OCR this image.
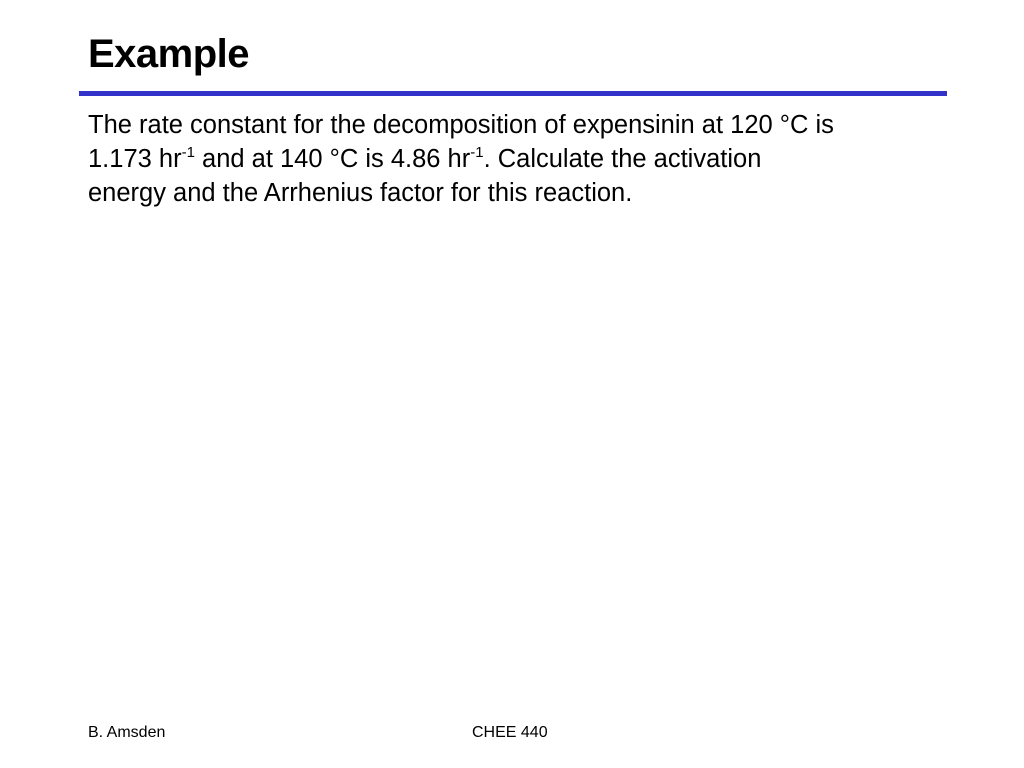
Example

The rate constant for the decomposition of expensinin at 120 °C is
1.173 $hr^{-1}$ and at 140 °C is 4.86 $hr^{-1}$. Calculate the activation
energy and the Arrhenius factor for this reaction.

B. Amsden	CHEE 440
